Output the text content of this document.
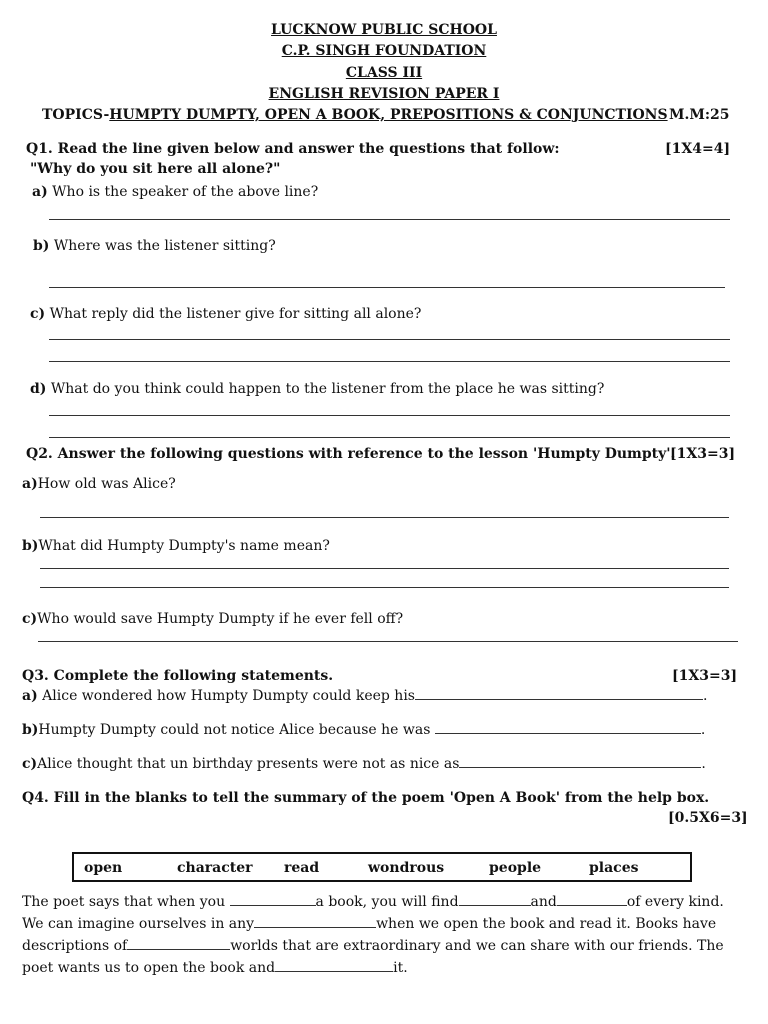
LUCKNOW PUBLIC SCHOOL
C.P. SINGH FOUNDATION
CLASS III
ENGLISH REVISION PAPER I
TOPICS-HUMPTY DUMPTY, OPEN A BOOK, PREPOSITIONS & CONJUNCTIONS M.M:25
Q1. Read the line given below and answer the questions that follow:	[1X4=4]
"Why do you sit here all alone?"
a) Who is the speaker of the above line?
b) Where was the listener sitting?
c) What reply did the listener give for sitting all alone?
d) What do you think could happen to the listener from the place he was sitting?
Q2. Answer the following questions with reference to the lesson 'Humpty Dumpty'.
[1X3=3]
a)How old was Alice?
b)What did Humpty Dumpty's name mean?
c)Who would save Humpty Dumpty if he ever fell off?
Q3. Complete the following statements.	[1X3=3]
a) Alice wondered how Humpty Dumpty could keep his	.
b)Humpty Dumpty could not notice Alice because he was	.
c)Alice thought that un birthday presents were not as nice as	.
Q4. Fill in the blanks to tell the summary of the poem 'Open A Book' from the help box.
[0.5X6=3]
open	character read	wondrous	people	places
The poet says that when you	a book, you will find	and	of every kind.
We can imagine ourselves in any	when we open the book and read it. Books have
descriptions of	worlds that are extraordinary and we can share with our friends. The
poet wants us to open the book and	it.
